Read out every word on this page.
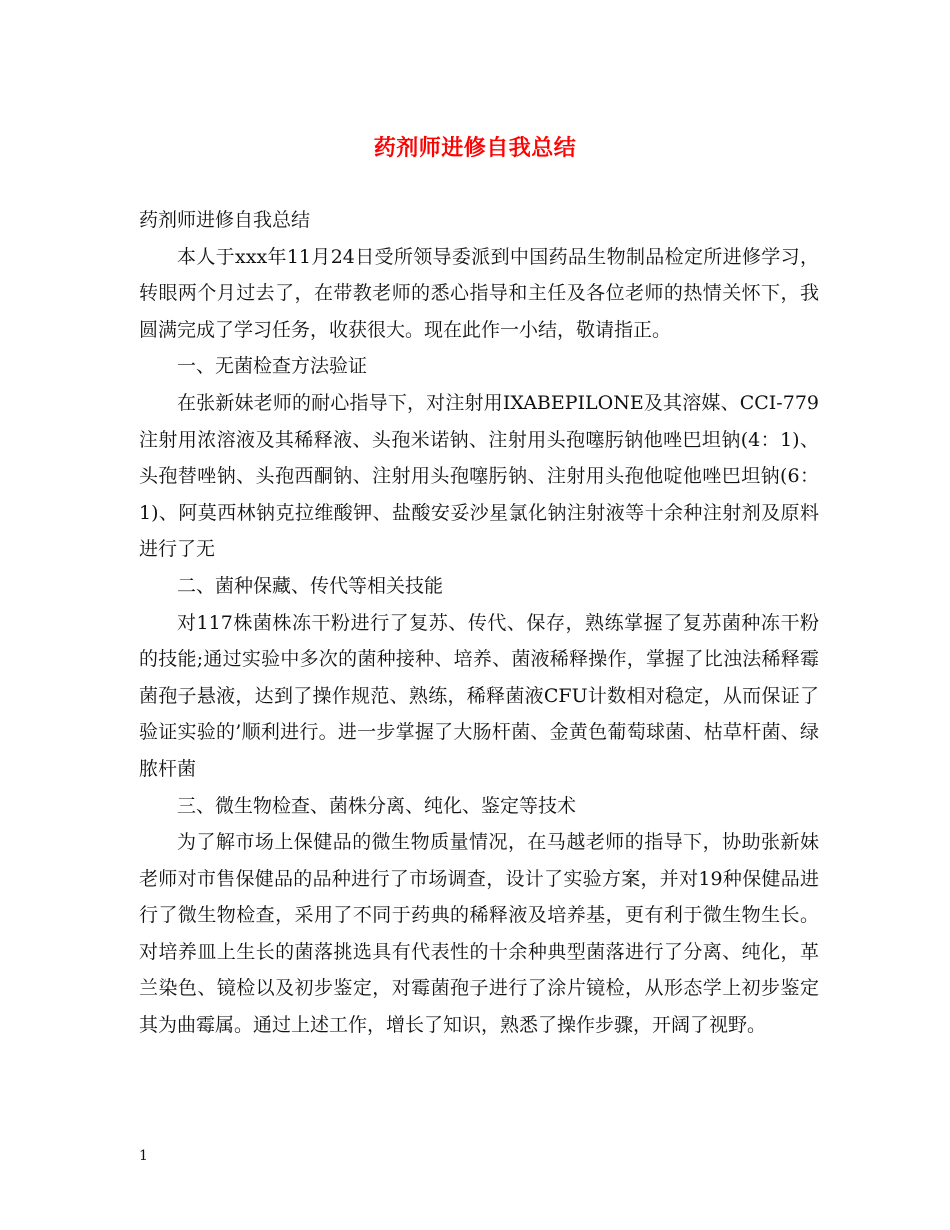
药剂师进修自我总结

药剂师进修自我总结

本人于xxx年11月24日受所领导委派到中国药品生物制品检定所进修学习，转眼两个月过去了，在带教老师的悉心指导和主任及各位老师的热情关怀下，我圆满完成了学习任务，收获很大。现在此作一小结，敬请指正。

一、无菌检查方法验证

在张新妹老师的耐心指导下，对注射用IXABEPILONE及其溶媒、CCI-779注射用浓溶液及其稀释液、头孢米诺钠、注射用头孢噻肟钠他唑巴坦钠(4：1)、头孢替唑钠、头孢西酮钠、注射用头孢噻肟钠、注射用头孢他啶他唑巴坦钠(6：1)、阿莫西林钠克拉维酸钾、盐酸安妥沙星氯化钠注射液等十余种注射剂及原料进行了无

二、菌种保藏、传代等相关技能

对117株菌株冻干粉进行了复苏、传代、保存，熟练掌握了复苏菌种冻干粉的技能;通过实验中多次的菌种接种、培养、菌液稀释操作，掌握了比浊法稀释霉菌孢子悬液，达到了操作规范、熟练，稀释菌液CFU计数相对稳定，从而保证了验证实验的’顺利进行。进一步掌握了大肠杆菌、金黄色葡萄球菌、枯草杆菌、绿脓杆菌

三、微生物检查、菌株分离、纯化、鉴定等技术

为了解市场上保健品的微生物质量情况，在马越老师的指导下，协助张新妹老师对市售保健品的品种进行了市场调查，设计了实验方案，并对19种保健品进行了微生物检查，采用了不同于药典的稀释液及培养基，更有利于微生物生长。对培养皿上生长的菌落挑选具有代表性的十余种典型菌落进行了分离、纯化，革兰染色、镜检以及初步鉴定，对霉菌孢子进行了涂片镜检，从形态学上初步鉴定其为曲霉属。通过上述工作，增长了知识，熟悉了操作步骤，开阔了视野。

1
